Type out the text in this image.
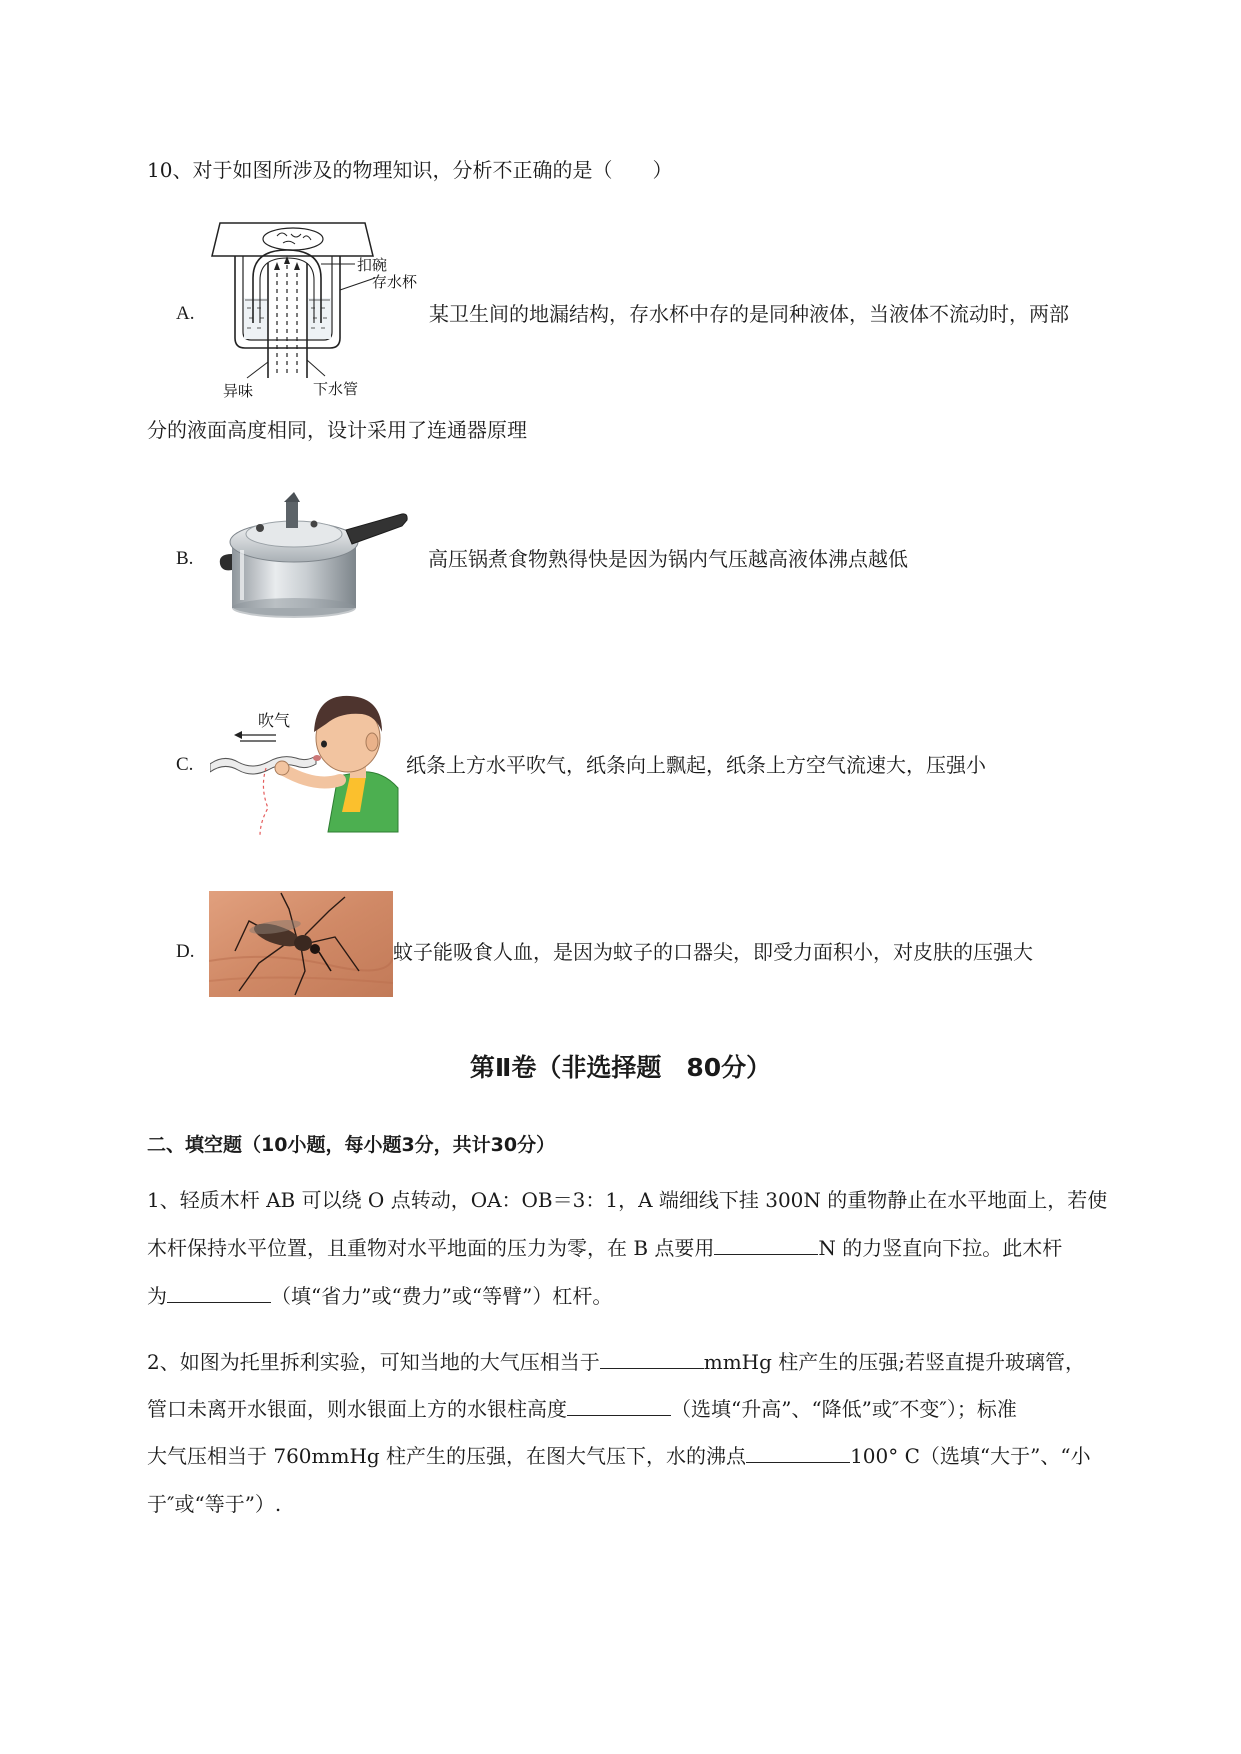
10、对于如图所涉及的物理知识，分析不正确的是（　　）
A.
扣碗
存水杯
异味	下水管
某卫生间的地漏结构，存水杯中存的是同种液体，当液体不流动时，两部
分的液面高度相同，设计采用了连通器原理
B.	高压锅煮食物熟得快是因为锅内气压越高液体沸点越低
C.
吹气
纸条上方水平吹气，纸条向上飘起，纸条上方空气流速大，压强小
D.	蚊子能吸食人血，是因为蚊子的口器尖，即受力面积小，对皮肤的压强大
第Ⅱ卷（非选择题　80分）
二、填空题（10小题，每小题3分，共计30分）
1、轻质木杆 AB 可以绕 O 点转动，OA：OB＝3：1，A 端细线下挂 300N 的重物静止在水平地面上，若使
木杆保持水平位置，且重物对水平地面的压力为零，在 B 点要用	N 的力竖直向下拉。此木杆
为	（填“省力”或“费力”或“等臂”）杠杆。
2、如图为托里拆利实验，可知当地的大气压相当于	mmHg 柱产生的压强;若竖直提升玻璃管，
管口未离开水银面，则水银面上方的水银柱高度	（选填“升高”、“降低”或″不变″）；标准
大气压相当于 760mmHg 柱产生的压强，在图大气压下，水的沸点	100° C（选填“大于”、“小
于″或“等于”）.
